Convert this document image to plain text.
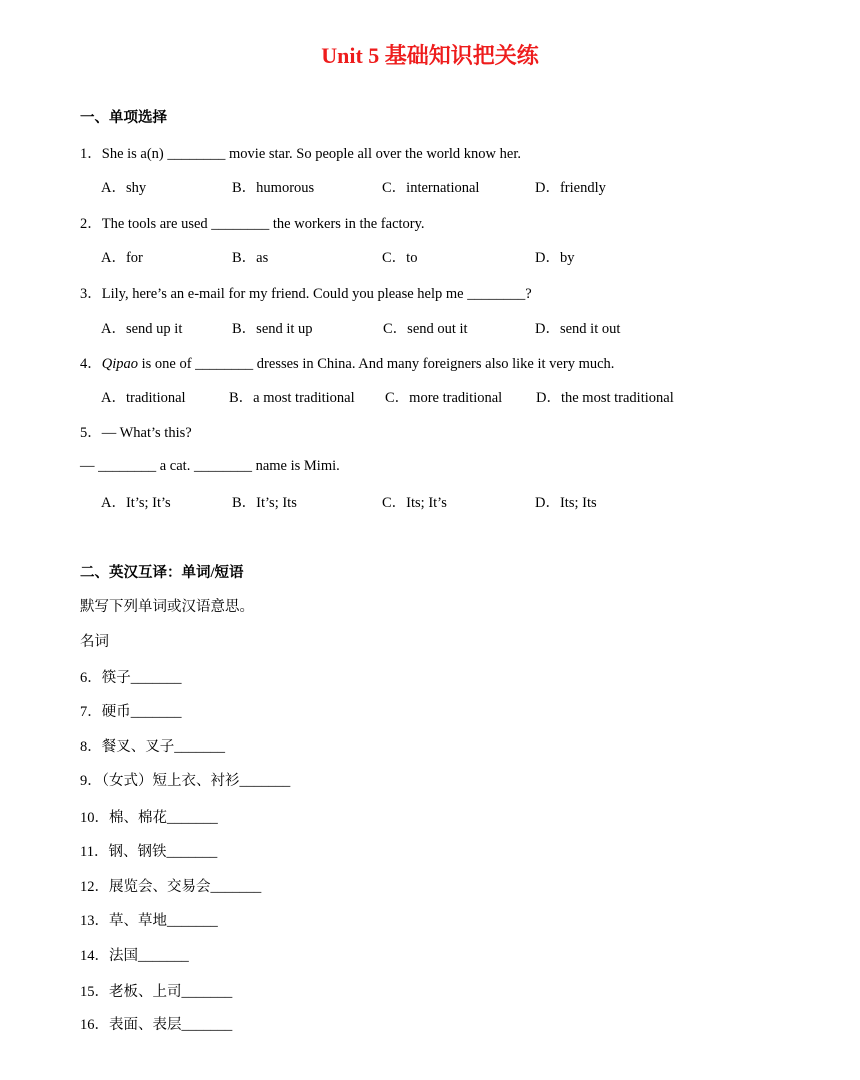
Unit 5 基础知识把关练
一、单项选择
1．She is a(n) ________ movie star. So people all over the world know her.
A．shy	B．humorous	C．international	D．friendly
2．The tools are used ________ the workers in the factory.
A．for	B．as	C．to	D．by
3．Lily, here’s an e-mail for my friend. Could you please help me ________?
A．send up it	B．send it up	C．send out it	D．send it out
4．Qipao is one of ________ dresses in China. And many foreigners also like it very much.
A．traditional	B．a most traditional C．more traditional D．the most traditional
5．— What’s this?
— ________ a cat. ________ name is Mimi.
A．It’s; It’s	B．It’s; Its	C．Its; It’s	D．Its; Its
二、英汉互译：单词/短语
默写下列单词或汉语意思。
名词
6．筷子_______
7．硬币_______
8．餐叉、叉子_______
9．（女式）短上衣、衬衫_______
10．棉、棉花_______
11．钢、钢铁_______
12．展览会、交易会_______
13．草、草地_______
14．法国_______
15．老板、上司_______
16．表面、表层_______
